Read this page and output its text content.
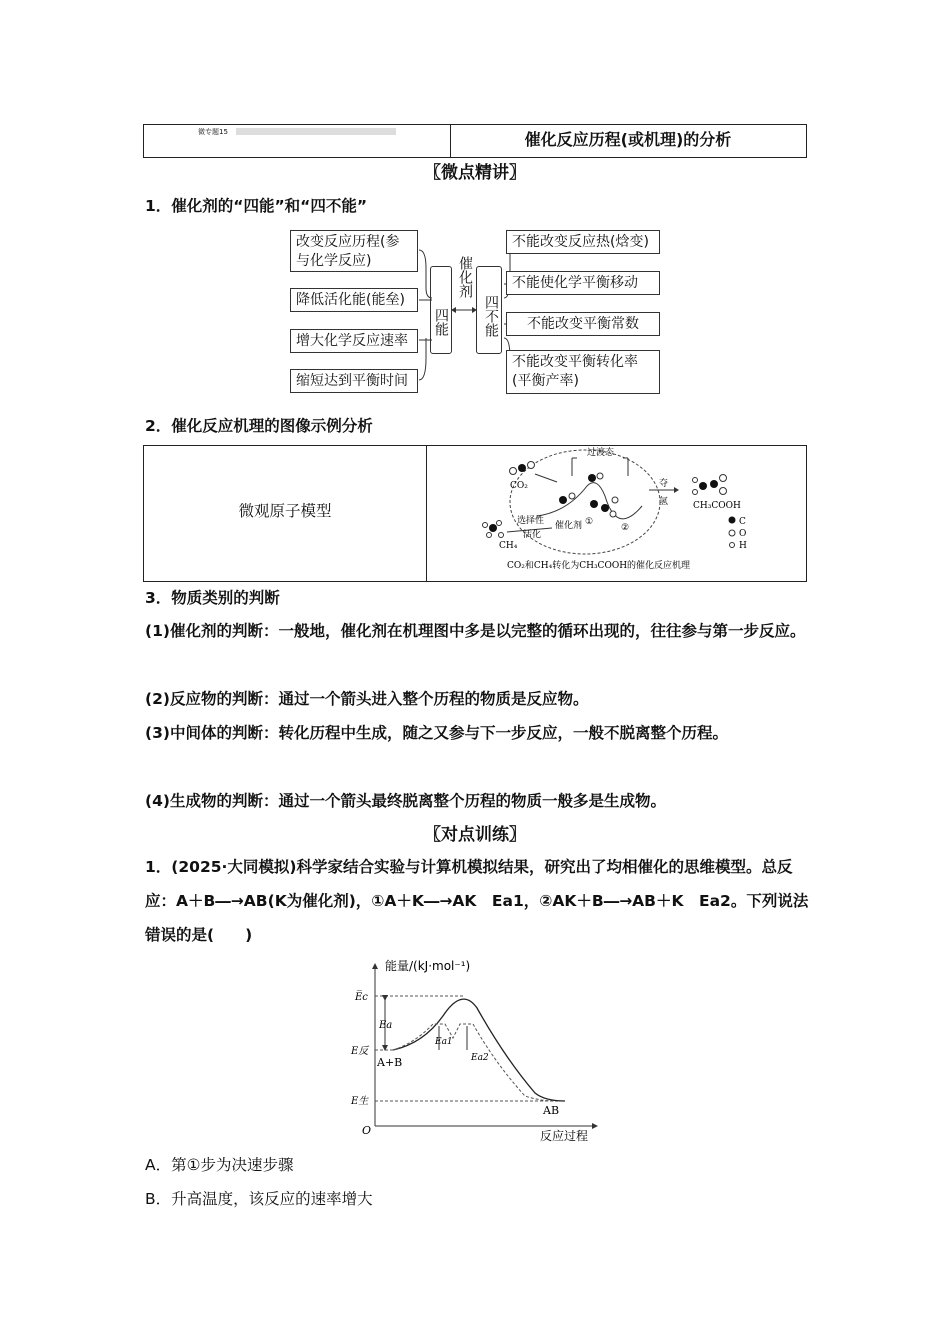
微专题15	催化反应历程(或机理)的分析
〖微点精讲〗
1．催化剂的“四能”和“四不能”
改变反应历程(参与化学反应)
降低活化能(能垒)
增大化学反应速率
缩短达到平衡时间
四能
催化剂
四不能
不能改变反应热(焓变)
不能使化学平衡移动
不能改变平衡常数
不能改变平衡转化率(平衡产率)
2．催化反应机理的图像示例分析
微观原子模型
过渡态
CO₂
CH₄
选择性
活化
催化剂 ①
②
夺
氢	CH₃COOH
C
O
H
CO₂和CH₄转化为CH₃COOH的催化反应机理
3．物质类别的判断
(1)催化剂的判断：一般地，催化剂在机理图中多是以完整的循环出现的，往往参与第一步反应。
(2)反应物的判断：通过一个箭头进入整个历程的物质是反应物。
(3)中间体的判断：转化历程中生成，随之又参与下一步反应，一般不脱离整个历程。
(4)生成物的判断：通过一个箭头最终脱离整个历程的物质一般多是生成物。
〖对点训练〗
1．(2025·大同模拟)科学家结合实验与计算机模拟结果，研究出了均相催化的思维模型。总反应：A＋B―→AB(K为催化剂)，①A＋K―→AK　Ea1，②AK＋B―→AB＋K　Ea2。下列说法错误的是(　　)
能量/(kJ·mol⁻¹)
反应过程
O
E̅c
Ea
E反
E生
A+B
AB
Ea1
Ea2
A．第①步为决速步骤
B．升高温度，该反应的速率增大
